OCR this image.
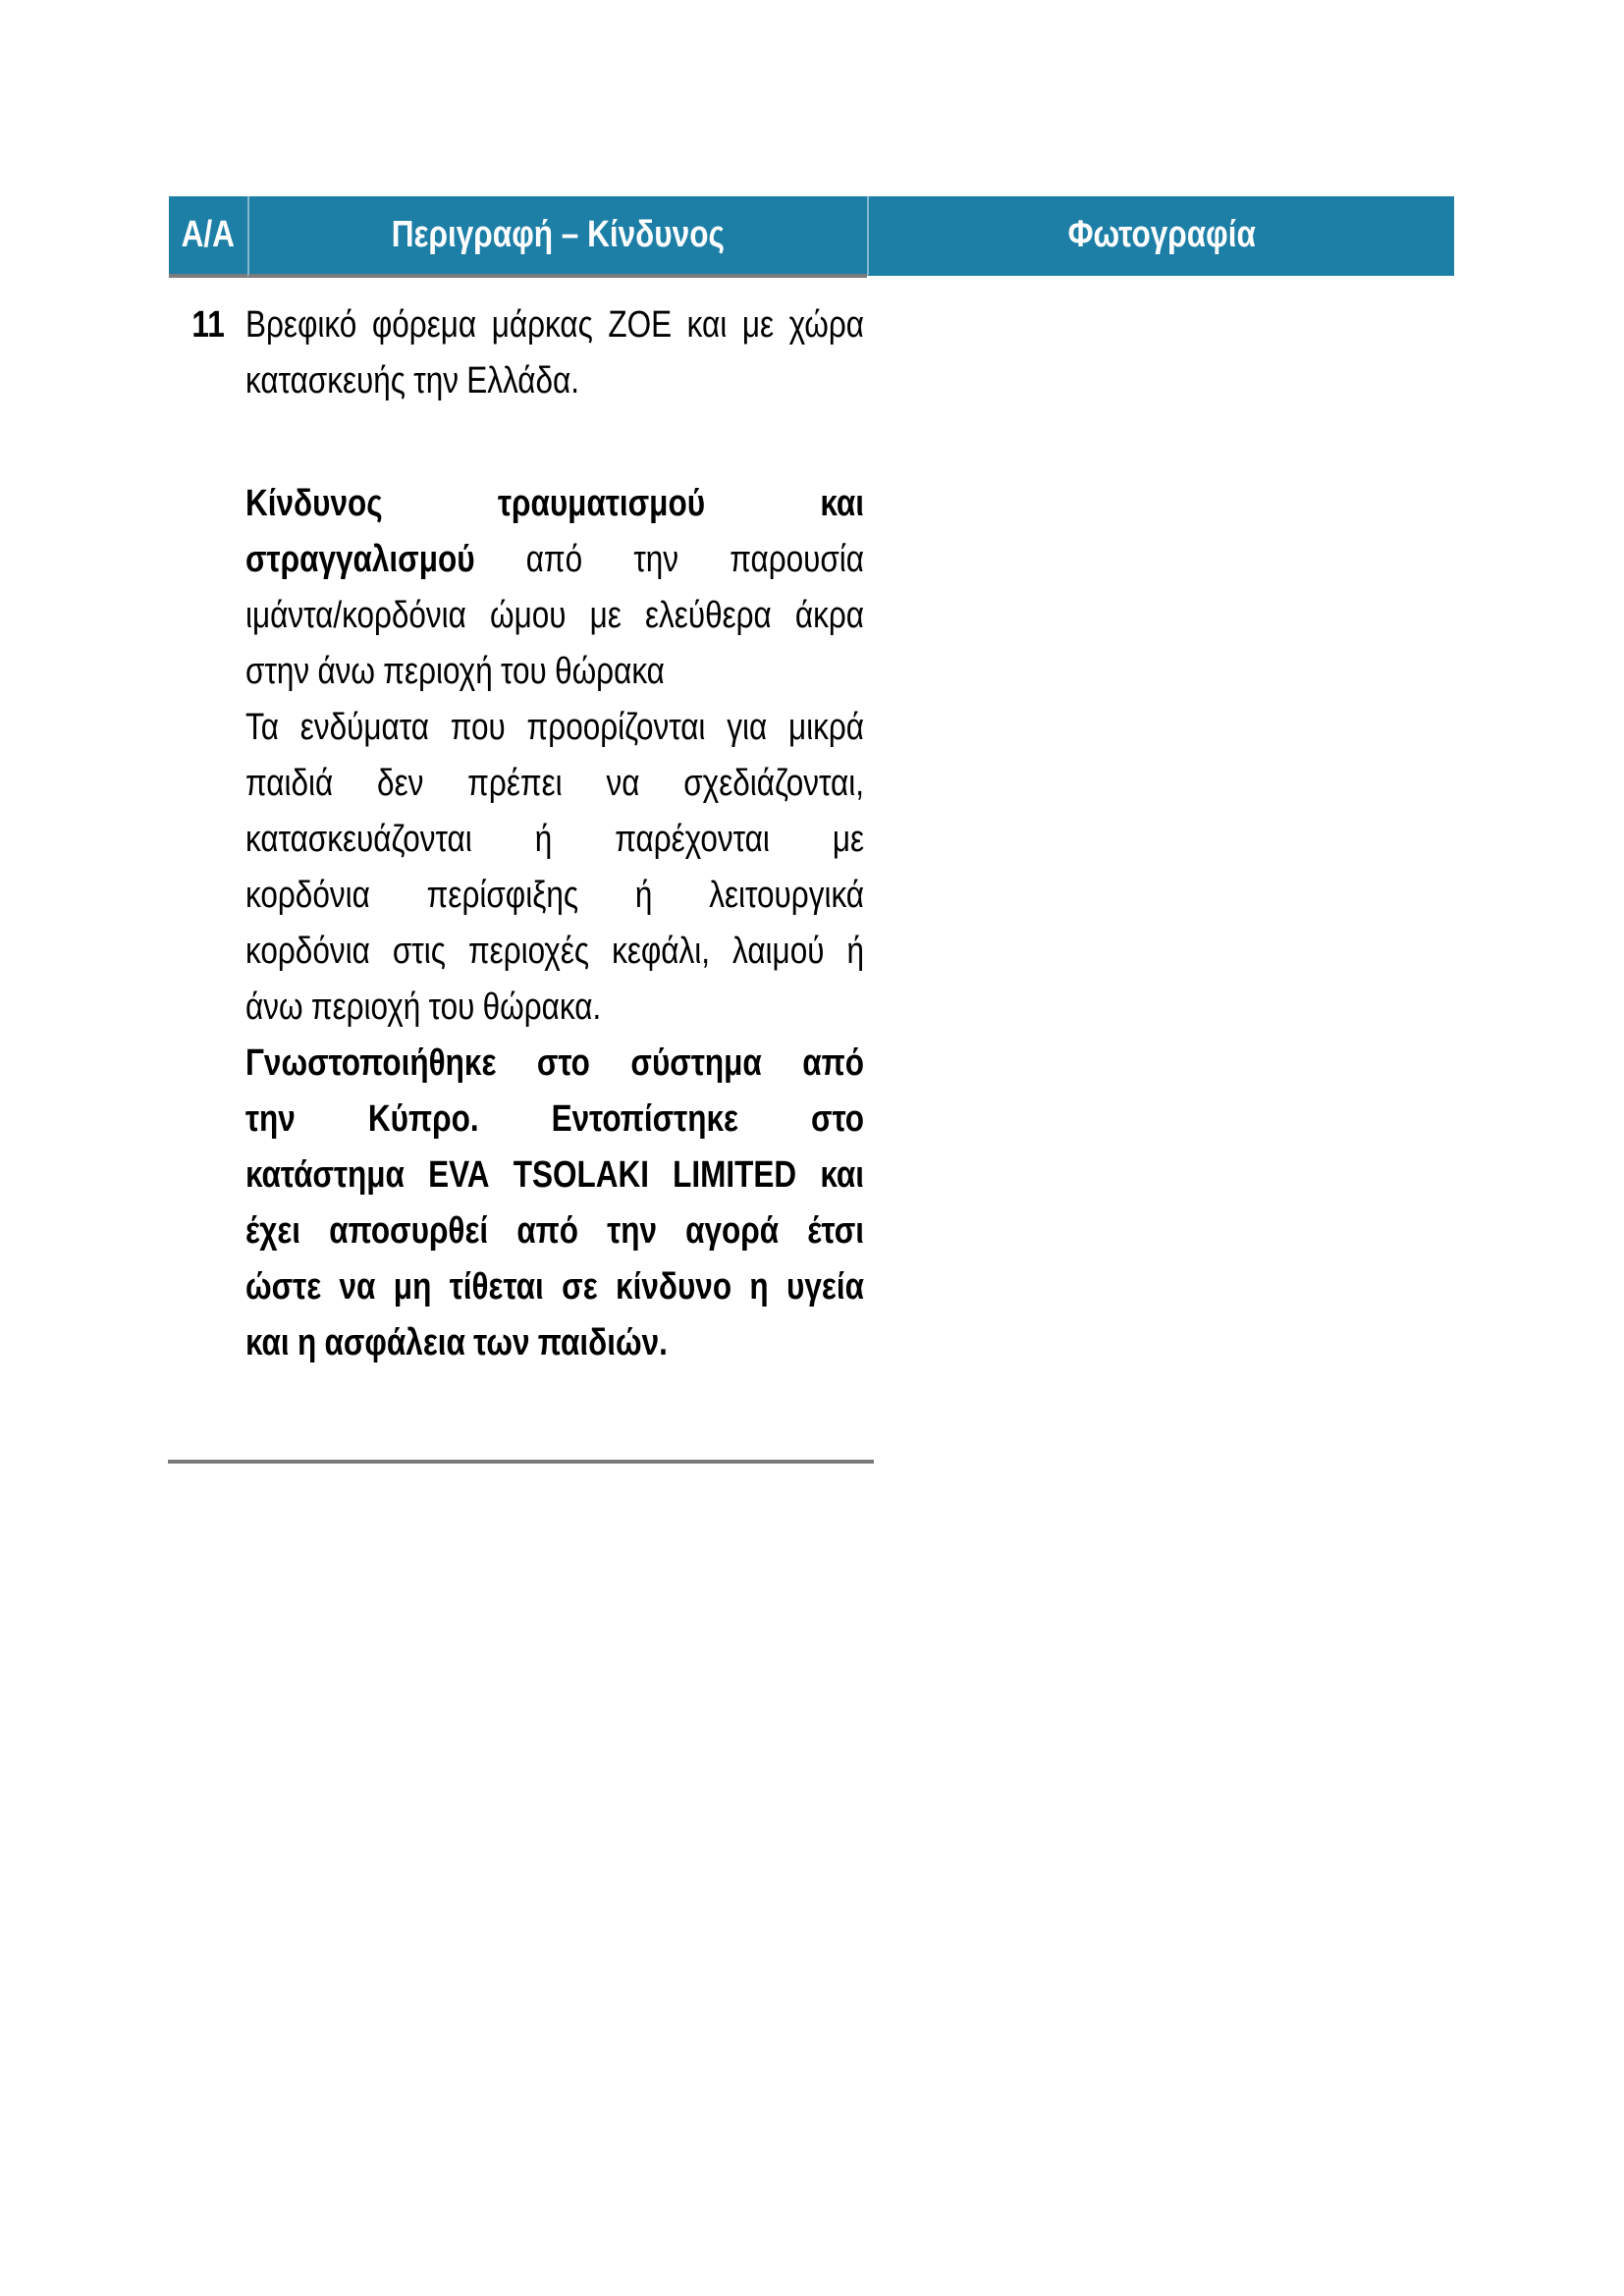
Α/Α	Περιγραφή – Κίνδυνος	Φωτογραφία
11 Βρεφικό φόρεμα μάρκας ZOE και με χώρα
κατασκευής την Ελλάδα.
Κίνδυνος	τραυματισμού	και
στραγγαλισμού από την παρουσία
ιμάντα/κορδόνια ώμου με ελεύθερα άκρα
στην άνω περιοχή του θώρακα
Τα ενδύματα που προορίζονται για μικρά
παιδιά δεν πρέπει να σχεδιάζονται,
κατασκευάζονται ή παρέχονται με
κορδόνια περίσφιξης ή λειτουργικά
κορδόνια στις περιοχές κεφάλι, λαιμού ή
άνω περιοχή του θώρακα.
Γνωστοποιήθηκε στο σύστημα από
την Κύπρο. Εντοπίστηκε στο
κατάστημα EVA TSOLAKI LIMITED και
έχει αποσυρθεί από την αγορά έτσι
ώστε να μη τίθεται σε κίνδυνο η υγεία
και η ασφάλεια των παιδιών.
